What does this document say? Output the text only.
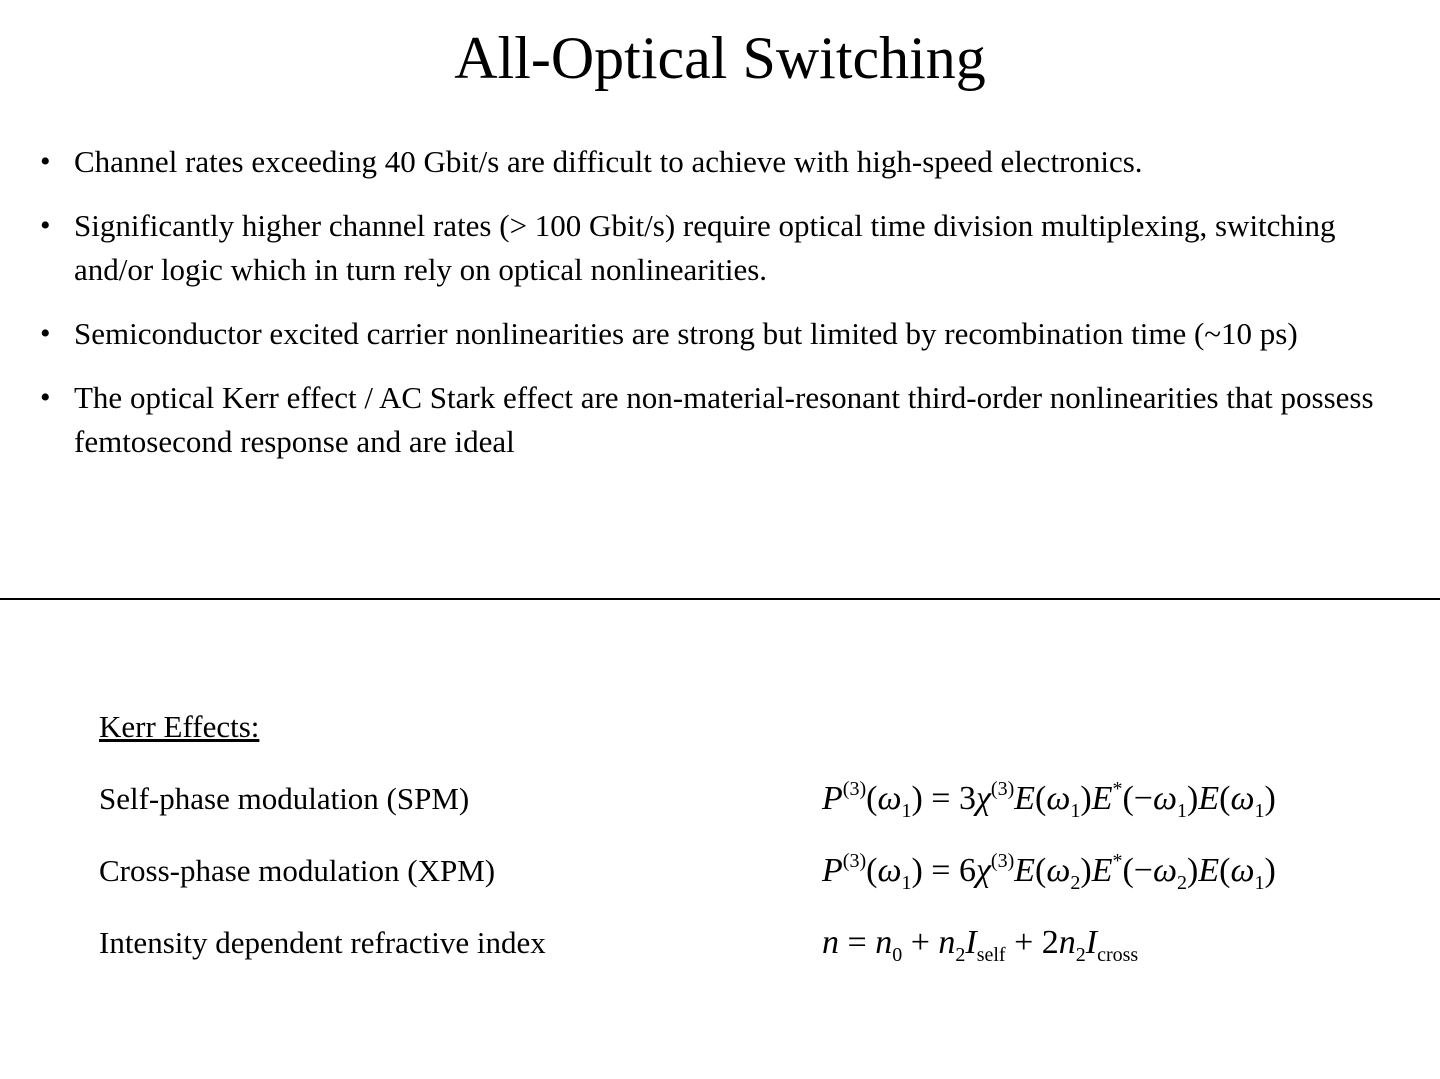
All-Optical Switching
• Channel rates exceeding 40 Gbit/s are difficult to achieve with high-speed electronics.
• Significantly higher channel rates (> 100 Gbit/s) require optical time division multiplexing, switching and/or logic which in turn rely on optical nonlinearities.
• Semiconductor excited carrier nonlinearities are strong but limited by recombination time (~10 ps)
• The optical Kerr effect / AC Stark effect are non-material-resonant third-order nonlinearities that possess femtosecond response and are ideal
Kerr Effects:
Self-phase modulation (SPM)	$P^{(3)}(\omega_1) = 3\chi^{(3)}E(\omega_1)E^*(-\omega_1)E(\omega_1)$
Cross-phase modulation (XPM)	$P^{(3)}(\omega_1) = 6\chi^{(3)}E(\omega_2)E^*(-\omega_2)E(\omega_1)$
Intensity dependent refractive index	$n = n_0 + n_2I_{self} + 2n_2I_{cross}$
